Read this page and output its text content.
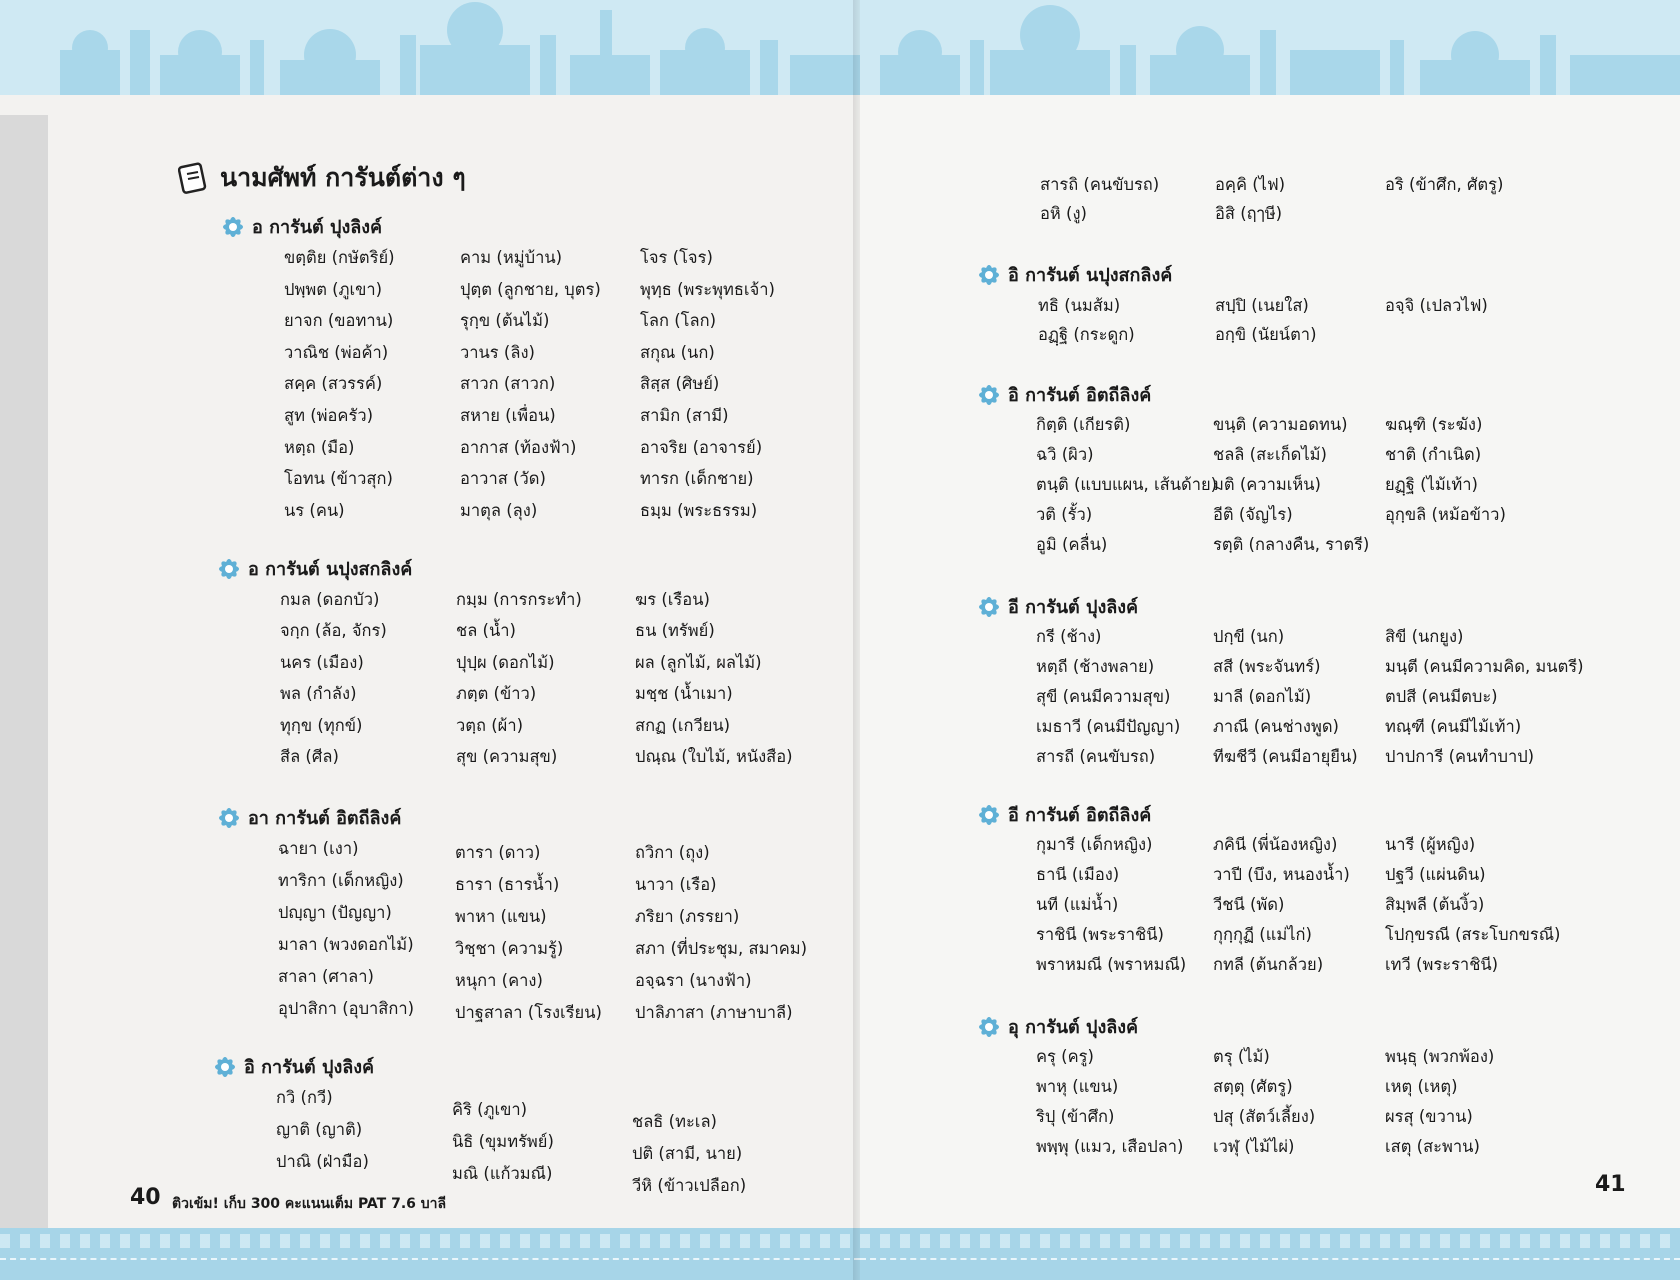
นามศัพท์ การันต์ต่าง ๆ
อ การันต์ ปุงลิงค์
ขตฺติย (กษัตริย์)
ปพฺพต (ภูเขา)
ยาจก (ขอทาน)
วาณิช (พ่อค้า)
สคฺค (สวรรค์)
สูท (พ่อครัว)
หตฺถ (มือ)
โอทน (ข้าวสุก)
นร (คน)
คาม (หมู่บ้าน)
ปุตฺต (ลูกชาย, บุตร)
รุกฺข (ต้นไม้)
วานร (ลิง)
สาวก (สาวก)
สหาย (เพื่อน)
อากาส (ท้องฟ้า)
อาวาส (วัด)
มาตุล (ลุง)
โจร (โจร)
พุทฺธ (พระพุทธเจ้า)
โลก (โลก)
สกุณ (นก)
สิสฺส (ศิษย์)
สามิก (สามี)
อาจริย (อาจารย์)
ทารก (เด็กชาย)
ธมฺม (พระธรรม)
อ การันต์ นปุงสกลิงค์
กมล (ดอกบัว)
จกฺก (ล้อ, จักร)
นคร (เมือง)
พล (กำลัง)
ทุกฺข (ทุกข์)
สีล (ศีล)
กมฺม (การกระทำ)
ชล (น้ำ)
ปุปฺผ (ดอกไม้)
ภตฺต (ข้าว)
วตฺถ (ผ้า)
สุข (ความสุข)
ฆร (เรือน)
ธน (ทรัพย์)
ผล (ลูกไม้, ผลไม้)
มชฺช (น้ำเมา)
สกฏ (เกวียน)
ปณฺณ (ใบไม้, หนังสือ)
อา การันต์ อิตถีลิงค์
ฉายา (เงา)
ทาริกา (เด็กหญิง)
ปญฺญา (ปัญญา)
มาลา (พวงดอกไม้)
สาลา (ศาลา)
อุปาสิกา (อุบาสิกา)
ตารา (ดาว)
ธารา (ธารน้ำ)
พาหา (แขน)
วิชฺชา (ความรู้)
หนุกา (คาง)
ปาฐสาลา (โรงเรียน)
ถวิกา (ถุง)
นาวา (เรือ)
ภริยา (ภรรยา)
สภา (ที่ประชุม, สมาคม)
อจฺฉรา (นางฟ้า)
ปาลิภาสา (ภาษาบาลี)
อิ การันต์ ปุงลิงค์
กวิ (กวี)
ญาติ (ญาติ)
ปาณิ (ฝ่ามือ)
คิริ (ภูเขา)
นิธิ (ขุมทรัพย์)
มณิ (แก้วมณี)
ชลธิ (ทะเล)
ปติ (สามี, นาย)
วีหิ (ข้าวเปลือก)
40 ติวเข้ม! เก็บ 300 คะแนนเต็ม PAT 7.6 บาลี
สารถิ (คนขับรถ)
อหิ (งู)
อคฺคิ (ไฟ)
อิสิ (ฤๅษี)
อริ (ข้าศึก, ศัตรู)
อิ การันต์ นปุงสกลิงค์
ทธิ (นมส้ม)
อฏฺฐิ (กระดูก)
สปฺปิ (เนยใส)
อกฺขิ (นัยน์ตา)
อจฺจิ (เปลวไฟ)
อิ การันต์ อิตถีลิงค์
กิตฺติ (เกียรติ)
ฉวิ (ผิว)
ตนฺติ (แบบแผน, เส้นด้าย)
วติ (รั้ว)
อูมิ (คลื่น)
ขนฺติ (ความอดทน)
ชลลิ (สะเก็ดไม้)
มติ (ความเห็น)
อีติ (จัญไร)
รตฺติ (กลางคืน, ราตรี)
ฆณฺฑิ (ระฆัง)
ชาติ (กำเนิด)
ยฏฺฐิ (ไม้เท้า)
อุกฺขลิ (หม้อข้าว)
อี การันต์ ปุงลิงค์
กรี (ช้าง)
หตฺถี (ช้างพลาย)
สุขี (คนมีความสุข)
เมธาวี (คนมีปัญญา)
สารถี (คนขับรถ)
ปกฺขี (นก)
สสี (พระจันทร์)
มาลี (ดอกไม้)
ภาณี (คนช่างพูด)
ทีฆชีวี (คนมีอายุยืน)
สิขี (นกยูง)
มนฺตี (คนมีความคิด, มนตรี)
ตปสี (คนมีตบะ)
ทณฺฑี (คนมีไม้เท้า)
ปาปการี (คนทำบาป)
อี การันต์ อิตถีลิงค์
กุมารี (เด็กหญิง)
ธานี (เมือง)
นที (แม่น้ำ)
ราชินี (พระราชินี)
พราหมณี (พราหมณี)
ภคินี (พี่น้องหญิง)
วาปี (บึง, หนองน้ำ)
วีชนี (พัด)
กุกฺกุฏี (แม่ไก่)
กทลี (ต้นกล้วย)
นารี (ผู้หญิง)
ปฐวี (แผ่นดิน)
สิมฺพลี (ต้นงิ้ว)
โปกฺขรณี (สระโบกขรณี)
เทวี (พระราชินี)
อุ การันต์ ปุงลิงค์
ครุ (ครู)
พาหุ (แขน)
ริปุ (ข้าศึก)
พพฺพุ (แมว, เสือปลา)
ตรุ (ไม้)
สตฺตุ (ศัตรู)
ปสุ (สัตว์เลี้ยง)
เวฬุ (ไม้ไผ่)
พนฺธุ (พวกพ้อง)
เหตุ (เหตุ)
ผรสุ (ขวาน)
เสตุ (สะพาน)
41
